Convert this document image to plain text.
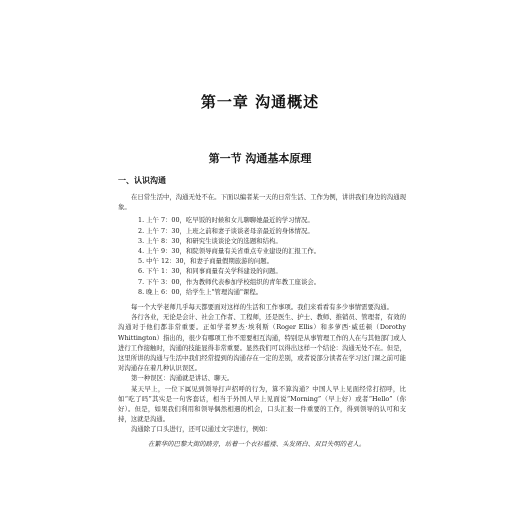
第一章 沟通概述
第一节 沟通基本原理
一、认识沟通

在日常生活中，沟通无处不在。下面以编者某一天的日常生活、工作为例，讲讲我们身边的沟通现象。

1. 上午 7：00，吃早饭的时候和女儿聊聊她最近的学习情况。
2. 上午 7：30，上班之前和妻子谈谈老母亲最近的身体情况。
3. 上午 8：30，和研究生谈谈论文的选题和结构。
4. 上午 9：30，和院领导商量有关省重点专业建设的汇报工作。
5. 中午 12：30，和妻子商量假期旅游的问题。
6. 下午 1：30，和同事商量有关学科建设的问题。
7. 下午 3：00，作为教师代表参加学校组织的青年教工座谈会。
8. 晚上 6：00，给学生上"管理沟通"课程。

每一个大学老师几乎每天都要面对这样的生活和工作事项。我们来看看有多少事情需要沟通。

各行各业，无论是会计、社会工作者、工程师，还是医生、护士、教师、推销员、管理者，有效的沟通对于他们都非常重要。正如学者罗杰·埃利斯（Roger Ellis）和多萝西·威廷顿（Dorothy Whittington）指出的，很少有哪项工作不需要相互沟通，特别是从事管理工作的人在与其他部门或人进行工作接触时，沟通的技能显得非常重要。显然我们可以得出这样一个结论：沟通无处不在。但是，这里所讲的沟通与生活中我们经常提到的沟通存在一定的差别，或者说部分读者在学习这门课之前可能对沟通存在着几种认识误区。

第一种误区：沟通就是讲话、聊天。

某天早上，一位下属见到领导打声招呼的行为，算不算沟通？中国人早上见面经常打招呼，比如“吃了吗”其实是一句客套话，相当于外国人早上见面说“Morning”（早上好）或者“Hello”（你好）。但是，如果我们利用和领导偶然相遇的机会，口头汇报一件重要的工作，得到领导的认可和支持，这就是沟通。

沟通除了口头进行，还可以通过文字进行，例如：

在繁华的巴黎大街的路旁，站着一个衣衫褴褛、头发斑白、双目失明的老人。
